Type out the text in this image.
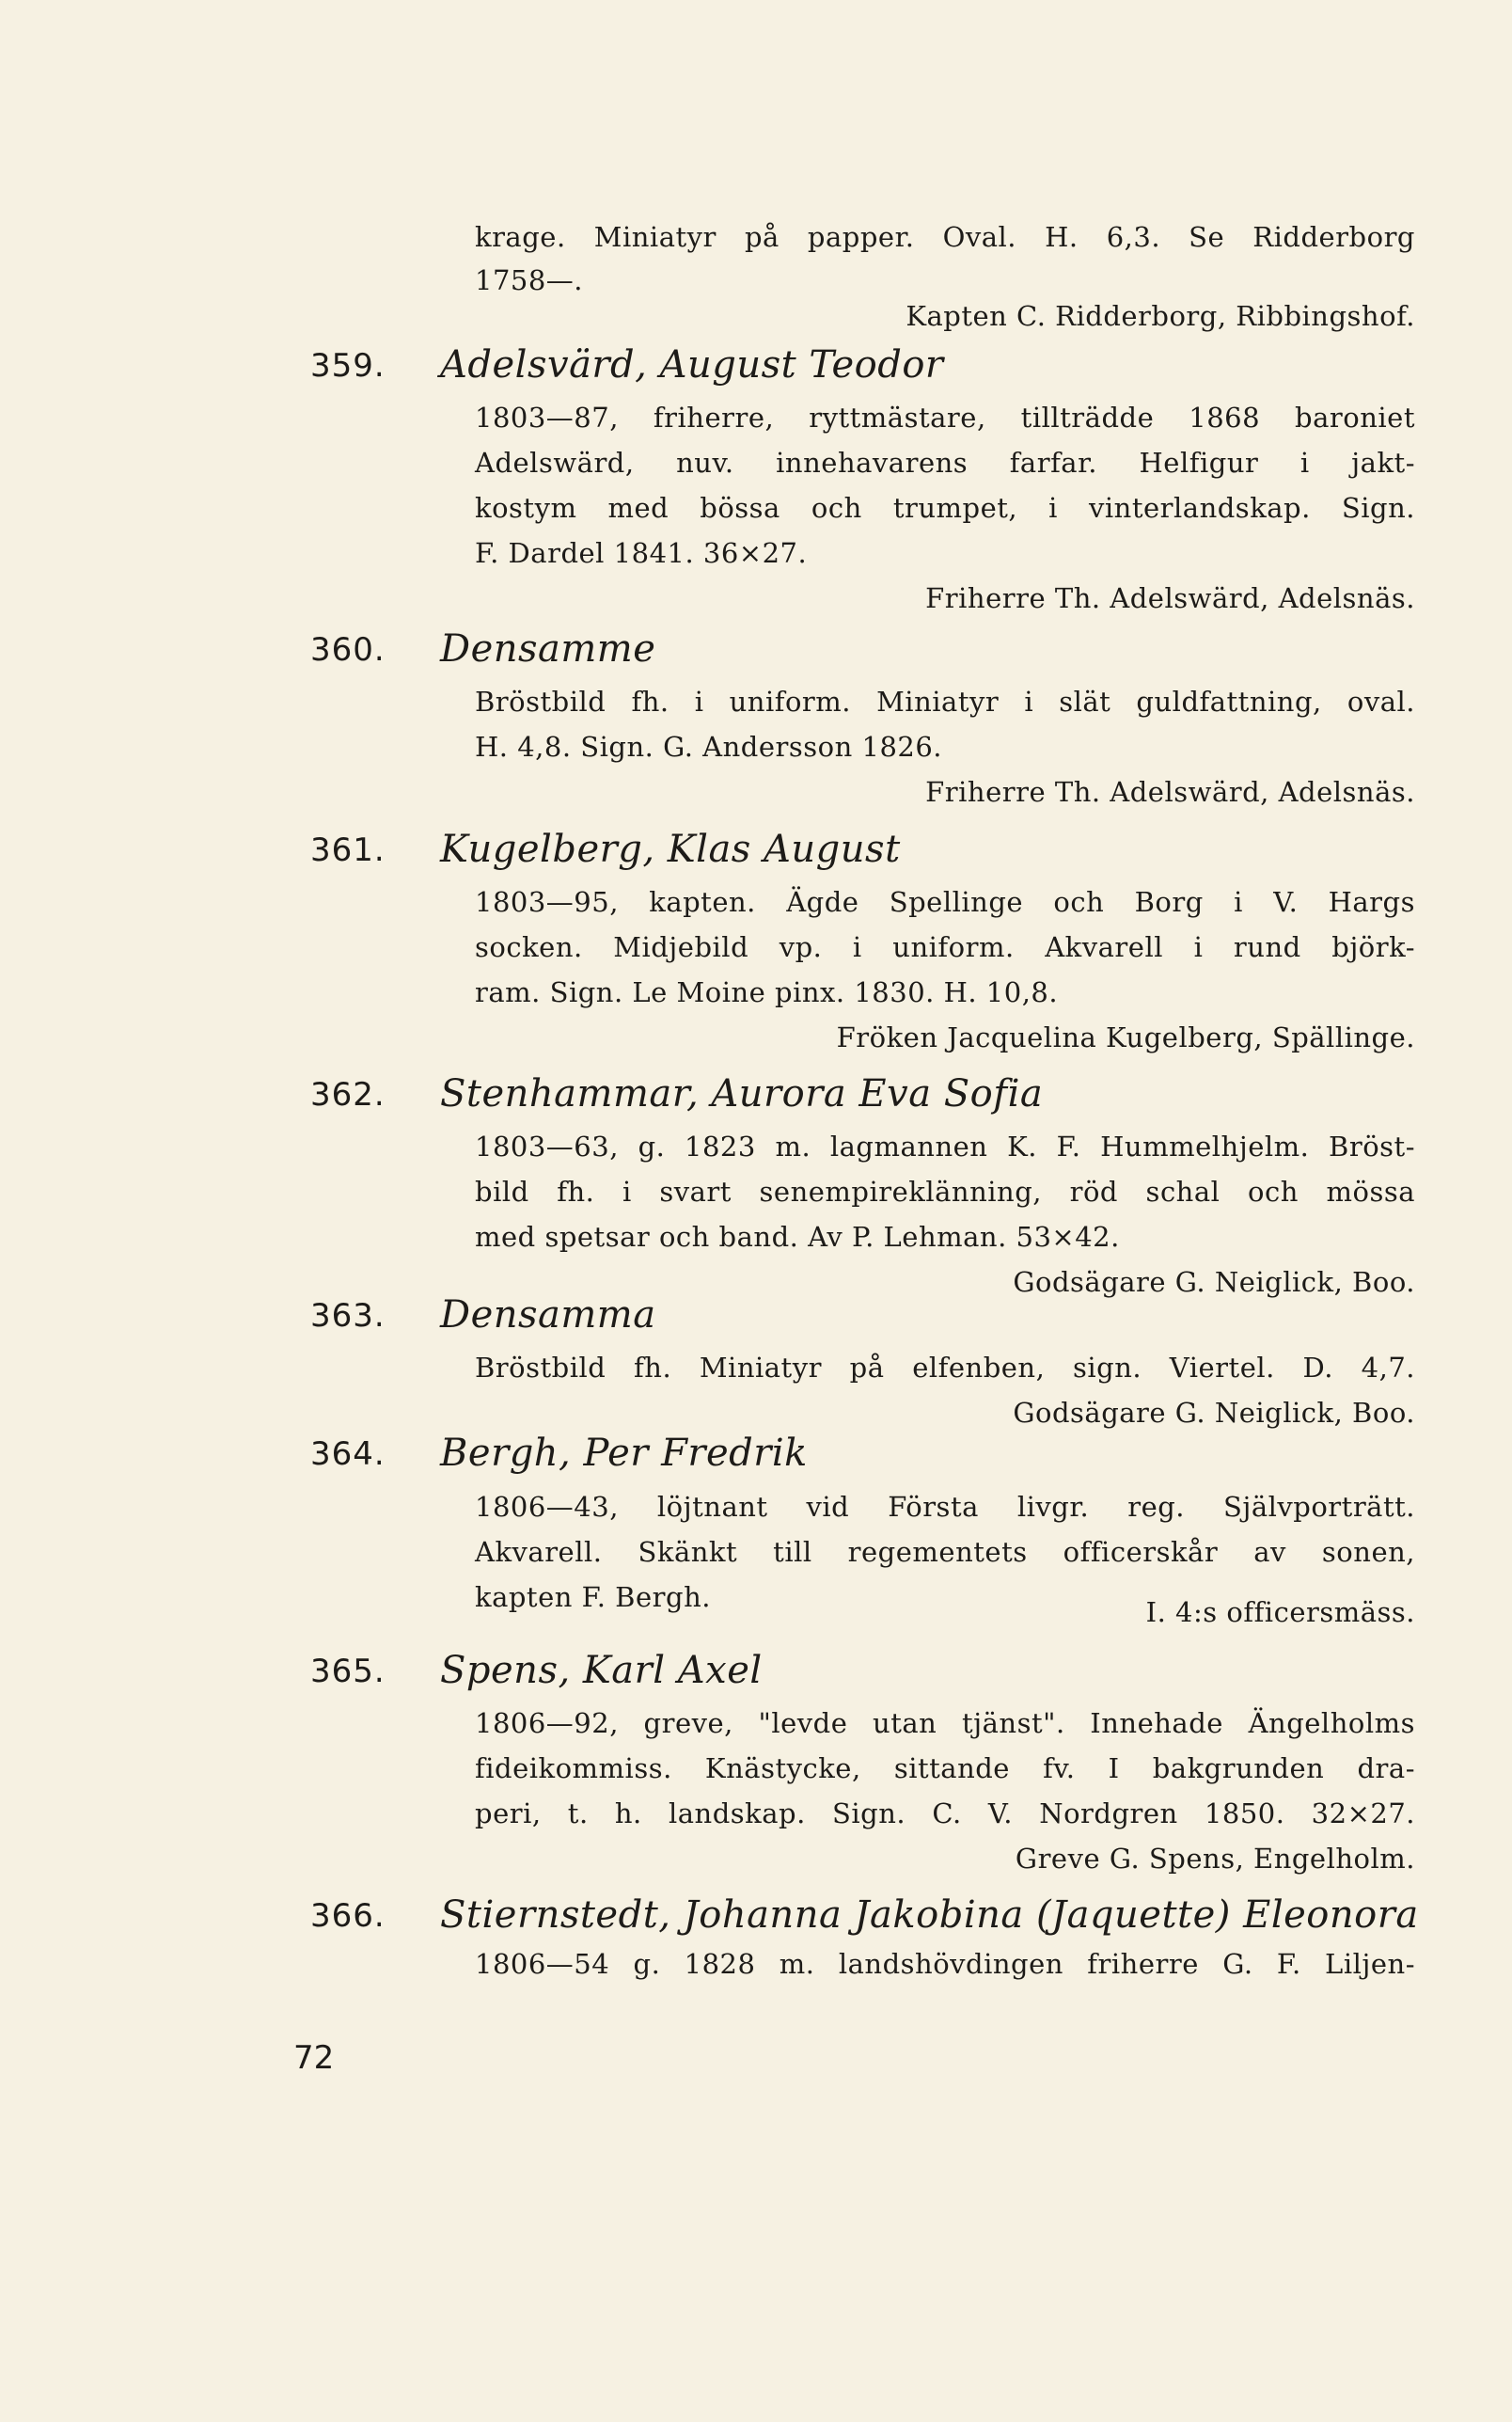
krage. Miniatyr på papper. Oval. H. 6,3. Se Ridderborg
1758—.
Kapten C. Ridderborg, Ribbingshof.
359. Adelsvärd, August Teodor
1803—87, friherre, ryttmästare, tillträdde 1868 baroniet
Adelswärd, nuv. innehavarens farfar. Helfigur i jakt-
kostym med bössa och trumpet, i vinterlandskap. Sign.
F. Dardel 1841. 36×27.
Friherre Th. Adelswärd, Adelsnäs.
360. Densamme
Bröstbild fh. i uniform. Miniatyr i slät guldfattning, oval.
H. 4,8. Sign. G. Andersson 1826.
Friherre Th. Adelswärd, Adelsnäs.
361. Kugelberg, Klas August
1803—95, kapten. Ägde Spellinge och Borg i V. Hargs
socken. Midjebild vp. i uniform. Akvarell i rund björk-
ram. Sign. Le Moine pinx. 1830. H. 10,8.
Fröken Jacquelina Kugelberg, Spällinge.
362. Stenhammar, Aurora Eva Sofia
1803—63, g. 1823 m. lagmannen K. F. Hummelhjelm. Bröst-
bild fh. i svart senempireklänning, röd schal och mössa
med spetsar och band. Av P. Lehman. 53×42.
Godsägare G. Neiglick, Boo.
363. Densamma
Bröstbild fh. Miniatyr på elfenben, sign. Viertel. D. 4,7.
Godsägare G. Neiglick, Boo.
364. Bergh, Per Fredrik
1806—43, löjtnant vid Första livgr. reg. Självporträtt.
Akvarell. Skänkt till regementets officerskår av sonen,
kapten F. Bergh.	I. 4:s officersmäss.
365. Spens, Karl Axel
1806—92, greve, "levde utan tjänst". Innehade Ängelholms
fideikommiss. Knästycke, sittande fv. I bakgrunden dra-
peri, t. h. landskap. Sign. C. V. Nordgren 1850. 32×27.
Greve G. Spens, Engelholm.
366. Stiernstedt, Johanna Jakobina (Jaquette) Eleonora
1806—54 g. 1828 m. landshövdingen friherre G. F. Liljen-
72
